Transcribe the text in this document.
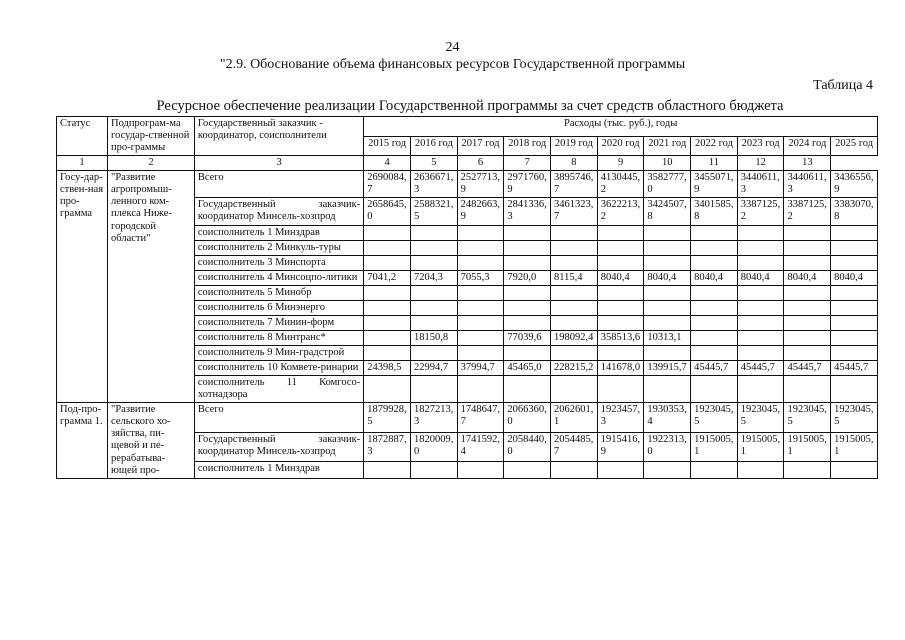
24
"2.9. Обоснование объема финансовых ресурсов Государственной программы
Таблица 4
Ресурсное обеспечение реализации Государственной программы за счет средств областного бюджета
Статус	Подпрограм-ма государ-ственной про-граммы	Государственный заказчик - координатор, соисполнители	Расходы (тыс. руб.), годы										
			2015 год	2016 год	2017 год	2018 год	2019 год	2020 год	2021 год	2022 год	2023 год	2024 год	2025 год
1	2	3	4	5	6	7	8	9	10	11	12	13	
Госу-дар-ствен-ная про-грамма	"Развитие агропромыш-ленного ком-плекса Ниже-городской области"	Всего	2690084,7	2636671,3	2527713,9	2971760,9	3895746,7	4130445,2	3582777,0	3455071,9	3440611,3	3440611,3	3436556,9
		Государственный заказчик-координатор Минсель-хозпрод	2658645,0	2588321,5	2482663,9	2841336,3	3461323,7	3622213,2	3424507,8	3401585,8	3387125,2	3387125,2	3383070,8
		соисполнитель 1 Минздрав											
		соисполнитель 2 Минкуль-туры											
		соисполнитель 3 Минспорта											
		соисполнитель 4 Минсоцпо-литики	7041,2	7204,3	7055,3	7920,0	8115,4	8040,4	8040,4	8040,4	8040,4	8040,4	8040,4
		соисполнитель 5 Минобр											
		соисполнитель 6 Минэнерго											
		соисполнитель 7 Минин-форм											
		соисполнитель 8 Минтранс*		18150,8		77039,6	198092,4	358513,6	10313,1				
		соисполнитель 9 Мин-градстрой											
		соисполнитель 10 Комвете-ринарии	24398,5	22994,7	37994,7	45465,0	228215,2	141678,0	139915,7	45445,7	45445,7	45445,7	45445,7
		соисполнитель 11 Комгосо-хотнадзора											
Под-про-грамма 1.	"Развитие сельского хо-зяйства, пи-щевой и пе-рерабатыва-ющей про-	Всего	1879928,5	1827213,3	1748647,7	2066360,0	2062601,1	1923457,3	1930353,4	1923045,5	1923045,5	1923045,5	1923045,5
		Государственный заказчик-координатор Минсель-хозпрод	1872887,3	1820009,0	1741592,4	2058440,0	2054485,7	1915416,9	1922313,0	1915005,1	1915005,1	1915005,1	1915005,1
		соисполнитель 1 Минздрав											
